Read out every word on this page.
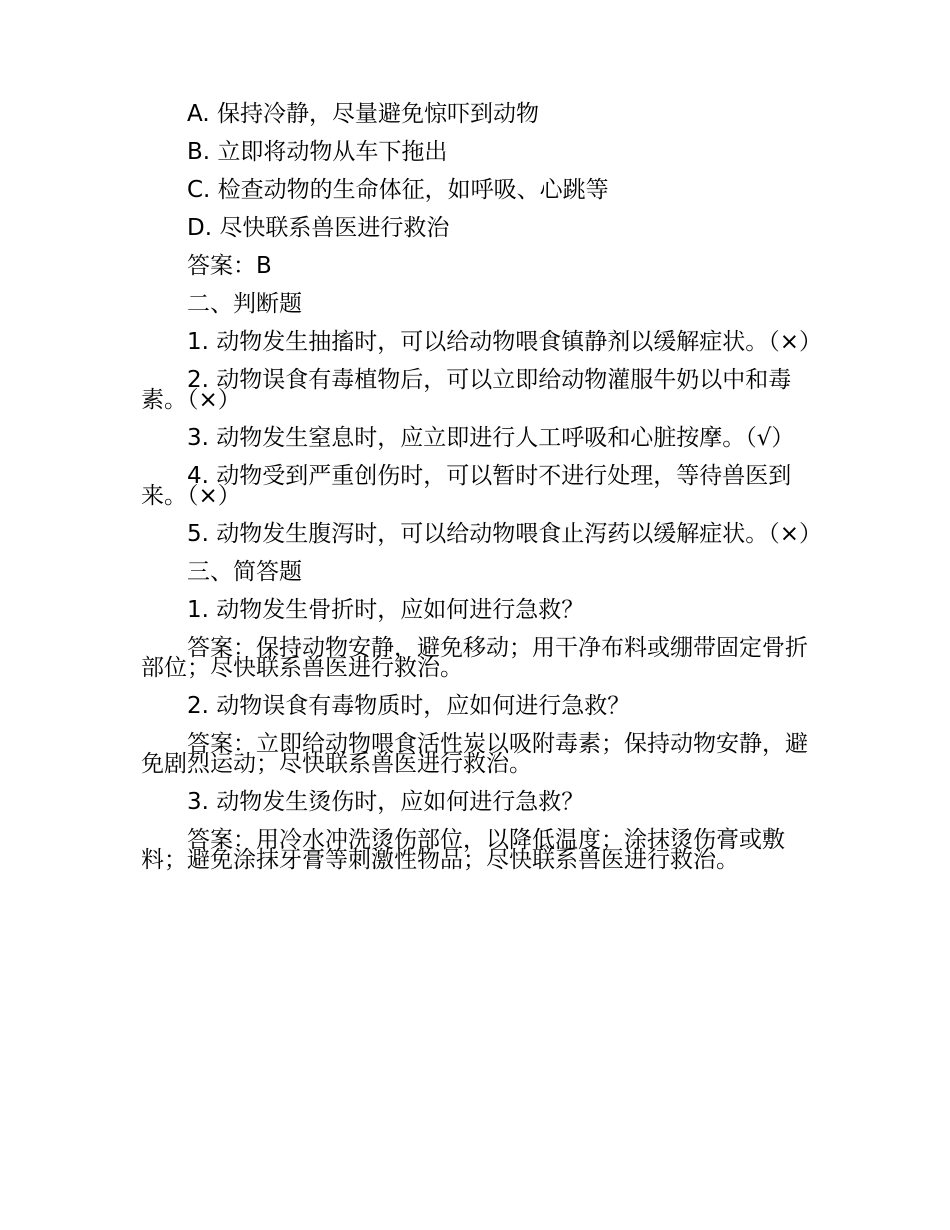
A. 保持冷静，尽量避免惊吓到动物

B. 立即将动物从车下拖出

C. 检查动物的生命体征，如呼吸、心跳等

D. 尽快联系兽医进行救治

答案：B

二、判断题

1. 动物发生抽搐时，可以给动物喂食镇静剂以缓解症状。（×）

2. 动物误食有毒植物后，可以立即给动物灌服牛奶以中和毒素。（×）

3. 动物发生窒息时，应立即进行人工呼吸和心脏按摩。（√）

4. 动物受到严重创伤时，可以暂时不进行处理，等待兽医到来。（×）

5. 动物发生腹泻时，可以给动物喂食止泻药以缓解症状。（×）

三、简答题

1. 动物发生骨折时，应如何进行急救？

答案：保持动物安静，避免移动；用干净布料或绷带固定骨折部位；尽快联系兽医进行救治。

2. 动物误食有毒物质时，应如何进行急救？

答案：立即给动物喂食活性炭以吸附毒素；保持动物安静，避免剧烈运动；尽快联系兽医进行救治。

3. 动物发生烫伤时，应如何进行急救？

答案：用冷水冲洗烫伤部位，以降低温度；涂抹烫伤膏或敷料；避免涂抹牙膏等刺激性物品；尽快联系兽医进行救治。
